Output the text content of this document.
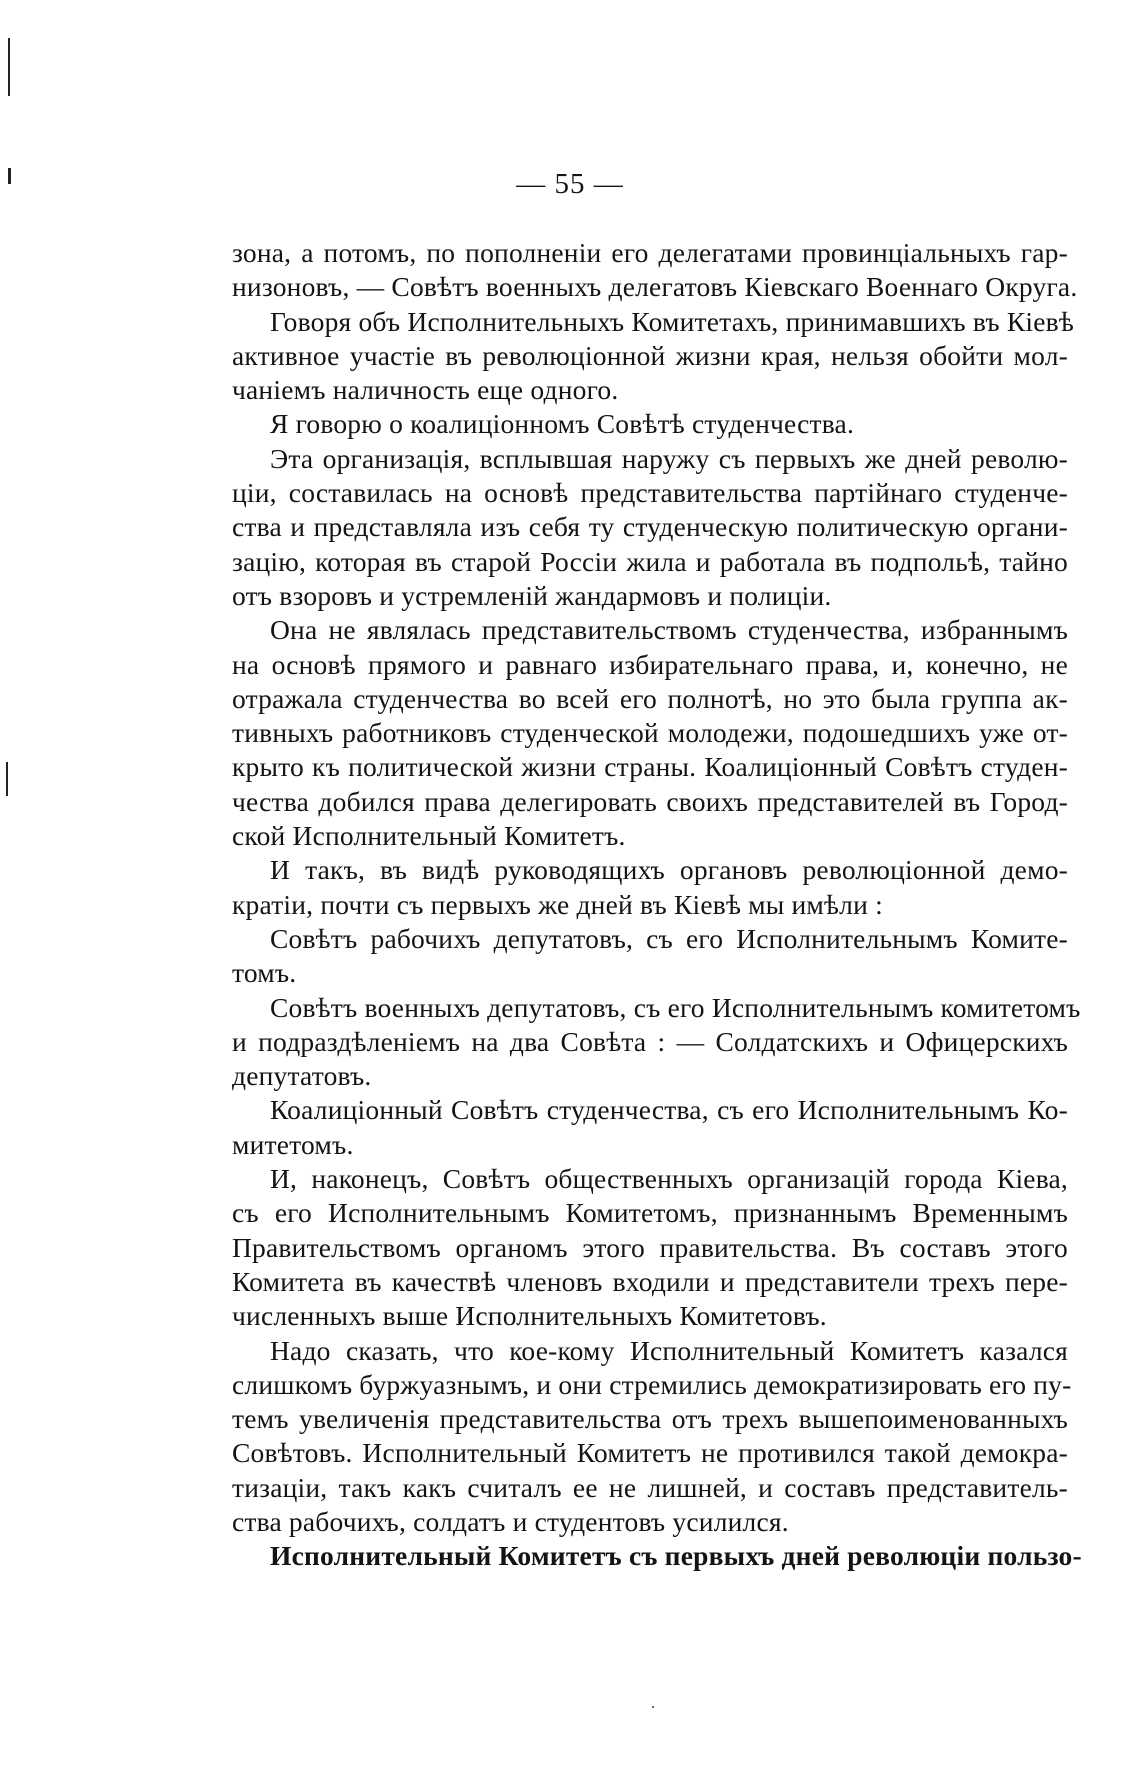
— 55 —
зона, а потомъ, по пополненіи его делегатами провинціальныхъ гар-
низоновъ, — Совѣтъ военныхъ делегатовъ Кіевскаго Военнаго Округа.
Говоря объ Исполнительныхъ Комитетахъ, принимавшихъ въ Кіевѣ
активное участіе въ революціонной жизни края, нельзя обойти мол-
чаніемъ наличность еще одного.
Я говорю о коалиціонномъ Совѣтѣ студенчества.
Эта организація, всплывшая наружу съ первыхъ же дней револю-
ціи, составилась на основѣ представительства партійнаго студенче-
ства и представляла изъ себя ту студенческую политическую органи-
зацію, которая въ старой Россіи жила и работала въ подпольѣ, тайно
отъ взоровъ и устремленій жандармовъ и полиціи.
Она не являлась представительствомъ студенчества, избраннымъ
на основѣ прямого и равнаго избирательнаго права, и, конечно, не
отражала студенчества во всей его полнотѣ, но это была группа ак-
тивныхъ работниковъ студенческой молодежи, подошедшихъ уже от-
крыто къ политической жизни страны. Коалиціонный Совѣтъ студен-
чества добился права делегировать своихъ представителей въ Город-
ской Исполнительный Комитетъ.
И такъ, въ видѣ руководящихъ органовъ революціонной демо-
кратіи, почти съ первыхъ же дней въ Кіевѣ мы имѣли :
Совѣтъ рабочихъ депутатовъ, съ его Исполнительнымъ Комите-
томъ.
Совѣтъ военныхъ депутатовъ, съ его Исполнительнымъ комитетомъ
и подраздѣленіемъ на два Совѣта : — Солдатскихъ и Офицерскихъ
депутатовъ.
Коалиціонный Совѣтъ студенчества, съ его Исполнительнымъ Ко-
митетомъ.
И, наконецъ, Совѣтъ общественныхъ организацій города Кіева,
съ его Исполнительнымъ Комитетомъ, признаннымъ Временнымъ
Правительствомъ органомъ этого правительства. Въ составъ этого
Комитета въ качествѣ членовъ входили и представители трехъ пере-
численныхъ выше Исполнительныхъ Комитетовъ.
Надо сказать, что кое-кому Исполнительный Комитетъ казался
слишкомъ буржуазнымъ, и они стремились демократизировать его пу-
темъ увеличенія представительства отъ трехъ вышепоименованныхъ
Совѣтовъ. Исполнительный Комитетъ не противился такой демокра-
тизаціи, такъ какъ считалъ ее не лишней, и составъ представитель-
ства рабочихъ, солдатъ и студентовъ усилился.
Исполнительный Комитетъ съ первыхъ дней революціи пользо-
